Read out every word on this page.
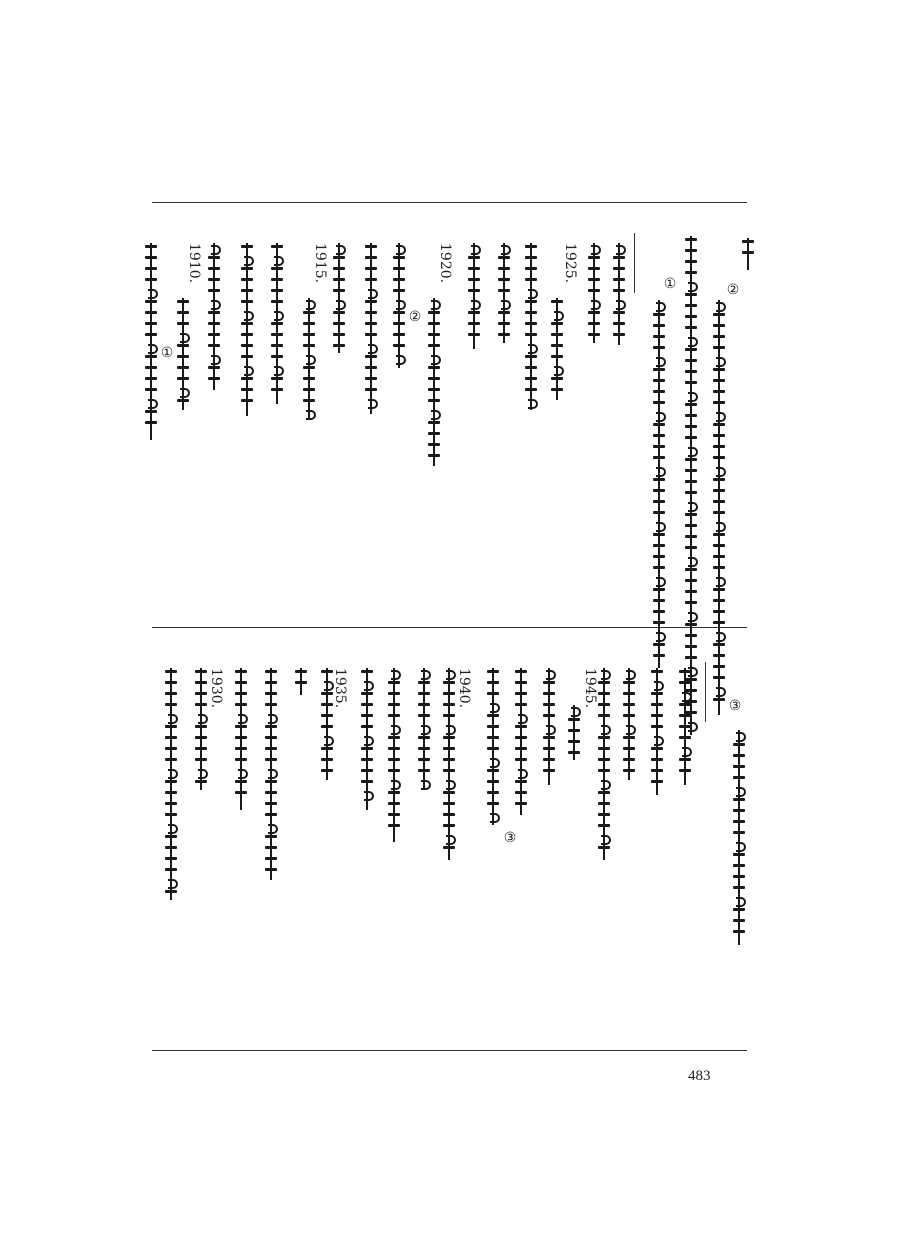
②
①
1925.
1920.
②
1915.
1910.
①
③
1945.
③
1940.
1935.
1930.
483
